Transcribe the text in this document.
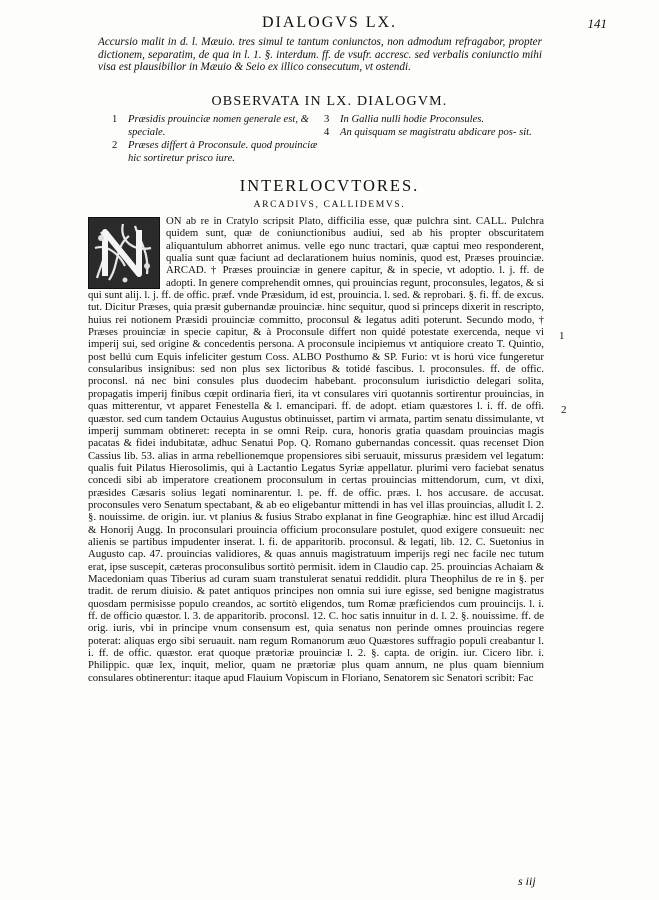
DIALOGVS LX.	141
Accursio malit in d. l. Mæuio. tres simul te tantum coniunctos, non admodum refragabor, propter dictionem, separatim, de qua in l. 1. §. interdum. ff. de vsufr. accresc. sed verbalis coniunctio mihi visa est plausibilior in Mæuio & Seio ex illico consecutum, vt ostendi.
OBSERVATA IN LX. DIALOGVM.
1 Præsidis prouinciæ nomen generale est, & speciale.
2 Præses differt à Proconsule. quod prouinciæ hic sortiretur prisco iure.
3 In Gallia nulli hodie Proconsules.
4 An quisquam se magistratu abdicare pos- sit.
INTERLOCVTORES.
ARCADIVS, CALLIDEMVS.

ON ab re in Cratylo scripsit Plato, difficilia esse, quæ pulchra sint. CALL. Pulchra quidem sunt, quæ de coniunctionibus audiui, sed ab his propter obscuritatem aliquantulum abhorret animus. velle ego nunc tractari, quæ captui meo responderent, qualia sunt quæ faciunt ad declarationem huius nominis, quod est, Præses prouinciæ. ARCAD. † Præses prouinciæ in genere capitur, & in specie, vt adoptio. l. j. ff. de adopti. In genere comprehendit omnes, qui prouincias regunt, proconsules, legatos, & si qui sunt alij. l. j. ff. de offic. præf. vnde Præsidum, id est, prouincia. l. sed. & reprobari. §. fi. ff. de excus. tut. Dicitur Præses, quia præsit gubernandæ prouinciæ. hinc sequitur, quod si princeps dixerit in rescripto, huius rei notionem Præsidi prouinciæ committo, proconsul & legatus aditi poterunt. Secundo modo, † Præses prouinciæ in specie capitur, & à Proconsule differt non quidé potestate exercenda, neque vi imperij sui, sed origine & concedentis persona. A proconsule incipiemus vt antiquiore creato T. Quintio, post bellú cum Equis infeliciter gestum Coss. ALBO Posthumo & SP. Furio: vt is horú vice fungeretur consularibus insignibus: sed non plus sex lictoribus & totidé fascibus. l. proconsules. ff. de offic. proconsl. ná nec bini consules plus duodecim habebant. proconsulum iurisdictio delegari solita, propagatis imperij finibus cœpit ordinaria fieri, ita vt consulares viri quotannis sortirentur prouincias, in quas mitterentur, vt apparet Fenestella & l. emancipari. ff. de adopt. etiam quæstores l. i. ff. de offi. quæstor. sed cum tandem Octauius Augustus obtinuisset, partim vi armata, partim senatu dissimulante, vt imperij summam obtineret: recepta in se omni Reip. cura, honoris gratia quasdam prouincias magis pacatas & fidei indubitatæ, adhuc Senatui Pop. Q. Romano gubernandas concessit. quas recenset Dion Cassius lib. 53. alias in arma rebellionemque propensiores sibi seruauit, missurus præsidem vel legatum: qualis fuit Pilatus Hierosolimis, qui à Lactantio Legatus Syriæ appellatur. plurimi vero faciebat senatus concedi sibi ab imperatore creationem proconsulum in certas prouincias mittendorum, cum, vt dixi, præsides Cæsaris solius legati nominarentur. l. pe. ff. de offic. præs. l. hos accusare. de accusat. proconsules vero Senatum spectabant, & ab eo eligebantur mittendi in has vel illas prouincias, alludit l. 2. §. nouissime. de origin. iur. vt planius & fusius Strabo explanat in fine Geographiæ. hinc est illud Arcadij & Honorij Augg. In proconsulari prouincia officium proconsulare postulet, quod exigere consueuit: nec alienis se partibus impudenter inserat. l. fi. de apparitorib. proconsul. & legati, lib. 12. C. Suetonius in Augusto cap. 47. prouincias validiores, & quas annuis magistratuum imperijs regi nec facile nec tutum erat, ipse suscepit, cæteras proconsulibus sortitò permisit. idem in Claudio cap. 25. prouincias Achaiam & Macedoniam quas Tiberius ad curam suam transtulerat senatui reddidit. plura Theophilus de re in §. per tradit. de rerum diuisio. & patet antiquos principes non omnia sui iure egisse, sed benigne magistratus quosdam permisisse populo creandos, ac sortitò eligendos, tum Romæ præficiendos cum prouincijs. l. i. ff. de officio quæstor. l. 3. de apparitorib. proconsl. 12. C. hoc satis innuitur in d. l. 2. §. nouissime. ff. de orig. iuris, vbi in principe vnum consensum est, quia senatus non perinde omnes prouincias regere poterat: aliquas ergo sibi seruauit. nam regum Romanorum æuo Quæstores suffragio populi creabantur l. i. ff. de offic. quæstor. erat quoque prætoriæ prouinciæ l. 2. §. capta. de origin. iur. Cicero libr. i. Philippic. quæ lex, inquit, melior, quam ne prætoriæ plus quam annum, ne plus quam biennium consulares obtinerentur: itaque apud Flauium Vopiscum in Floriano, Senatorem sic Senatori scribit: Fac

1
2
s iij
